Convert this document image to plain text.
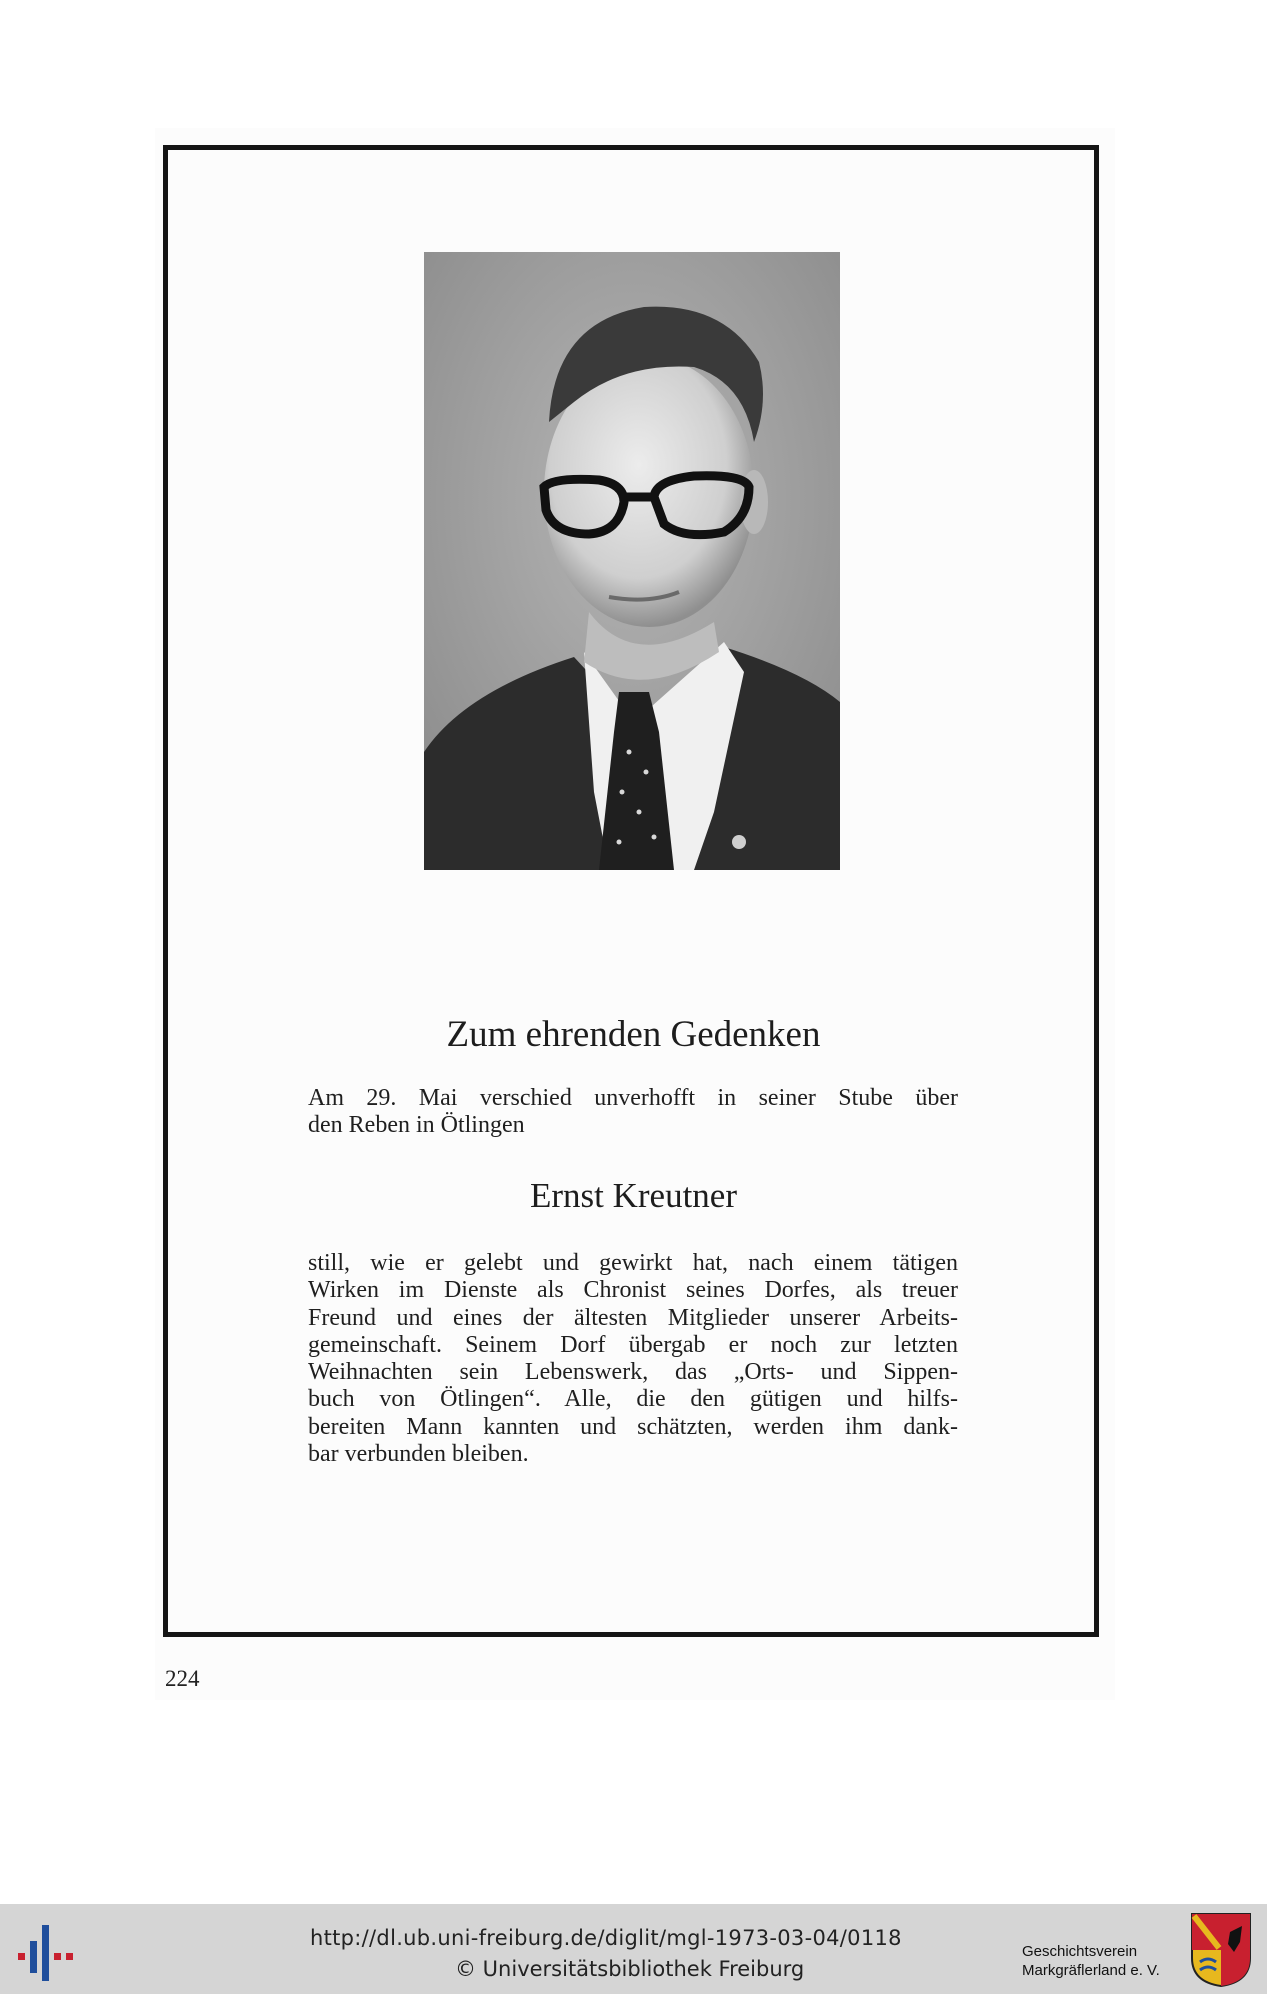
Zum ehrenden Gedenken
Am 29. Mai verschied unverhofft in seiner Stube über
den Reben in Ötlingen
Ernst Kreutner
still, wie er gelebt und gewirkt hat, nach einem tätigen
Wirken im Dienste als Chronist seines Dorfes, als treuer
Freund und eines der ältesten Mitglieder unserer Arbeits-
gemeinschaft. Seinem Dorf übergab er noch zur letzten
Weihnachten sein Lebenswerk, das „Orts- und Sippen-
buch von Ötlingen“. Alle, die den gütigen und hilfs-
bereiten Mann kannten und schätzten, werden ihm dank-
bar verbunden bleiben.
224
http://dl.ub.uni-freiburg.de/diglit/mgl-1973-03-04/0118
© Universitätsbibliothek Freiburg
Geschichtsverein
Markgräflerland e. V.
